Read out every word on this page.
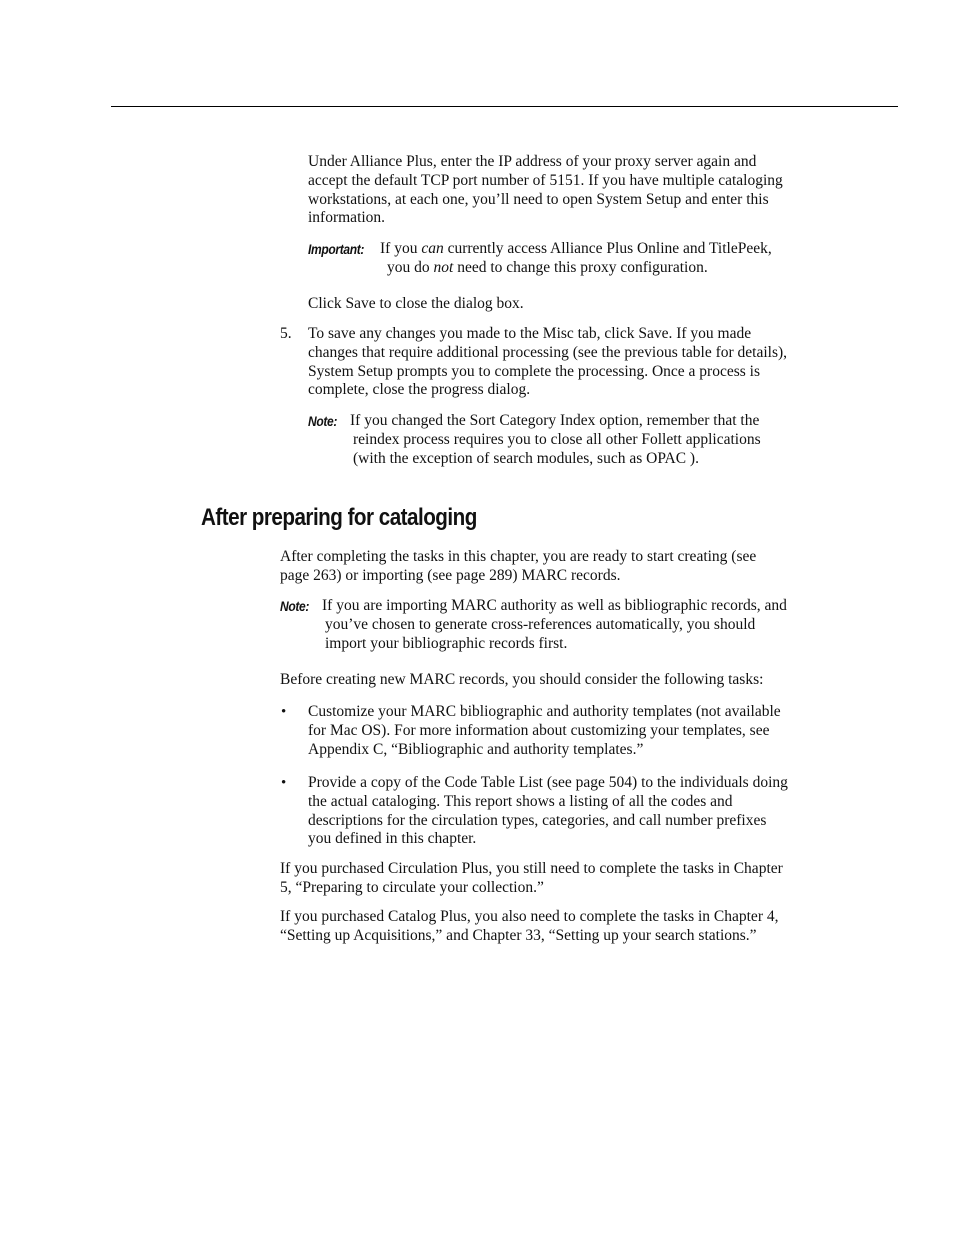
Under Alliance Plus, enter the IP address of your proxy server again and
accept the default TCP port number of 5151. If you have multiple cataloging
workstations, at each one, you’ll need to open System Setup and enter this
information.
Important: If you can currently access Alliance Plus Online and TitlePeek,
you do not need to change this proxy configuration.
Click Save to close the dialog box.
5. To save any changes you made to the Misc tab, click Save. If you made
changes that require additional processing (see the previous table for details),
System Setup prompts you to complete the processing. Once a process is
complete, close the progress dialog.
Note: If you changed the Sort Category Index option, remember that the
reindex process requires you to close all other Follett applications
(with the exception of search modules, such as OPAC ).
After preparing for cataloging
After completing the tasks in this chapter, you are ready to start creating (see
page 263) or importing (see page 289) MARC records.
Note: If you are importing MARC authority as well as bibliographic records, and
you’ve chosen to generate cross-references automatically, you should
import your bibliographic records first.
Before creating new MARC records, you should consider the following tasks:
• Customize your MARC bibliographic and authority templates (not available
for Mac OS). For more information about customizing your templates, see
Appendix C, “Bibliographic and authority templates.”
• Provide a copy of the Code Table List (see page 504) to the individuals doing
the actual cataloging. This report shows a listing of all the codes and
descriptions for the circulation types, categories, and call number prefixes
you defined in this chapter.
If you purchased Circulation Plus, you still need to complete the tasks in Chapter
5, “Preparing to circulate your collection.”
If you purchased Catalog Plus, you also need to complete the tasks in Chapter 4,
“Setting up Acquisitions,” and Chapter 33, “Setting up your search stations.”
